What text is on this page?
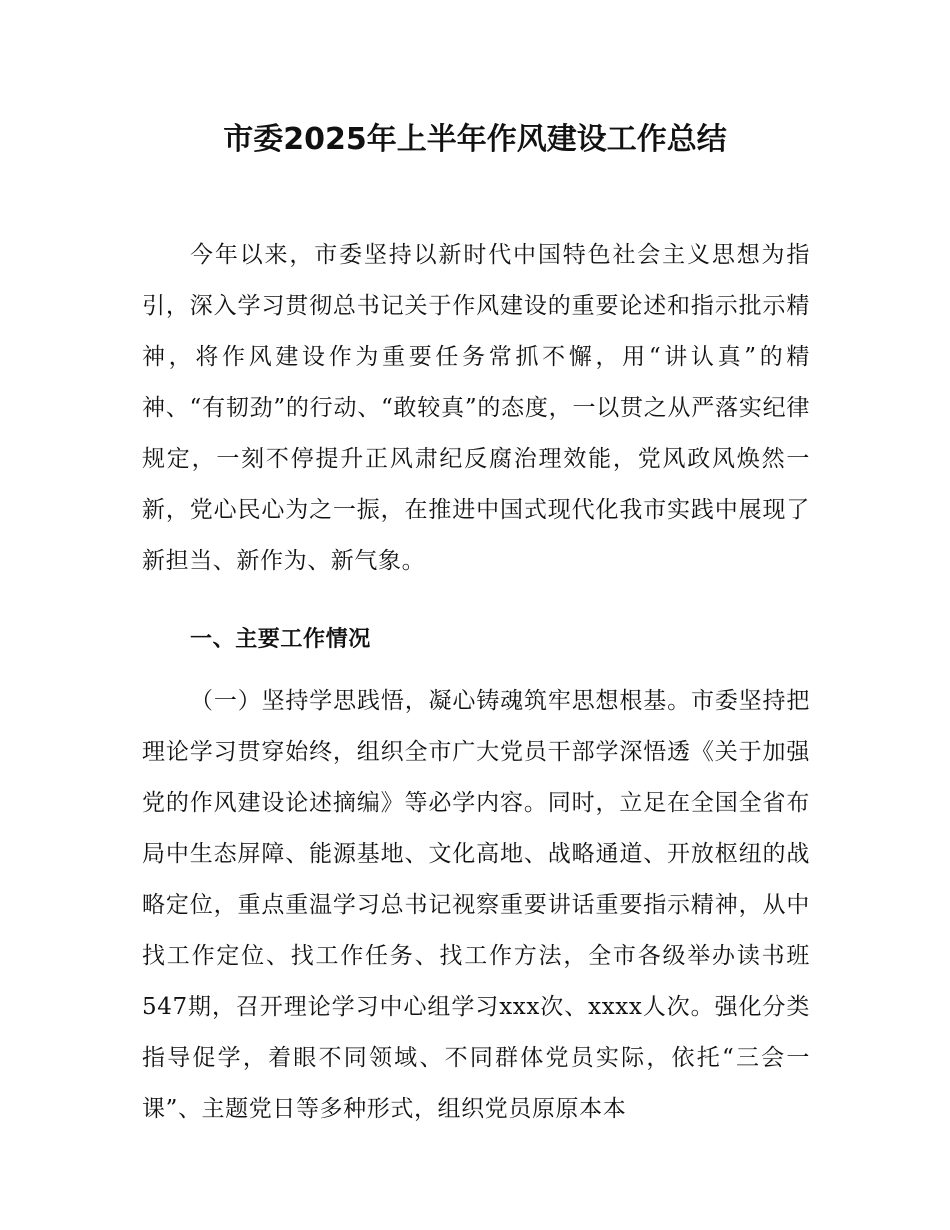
市委2025年上半年作风建设工作总结

今年以来，市委坚持以新时代中国特色社会主义思想为指引，深入学习贯彻总书记关于作风建设的重要论述和指示批示精神，将作风建设作为重要任务常抓不懈，用“讲认真”的精神、“有韧劲”的行动、“敢较真”的态度，一以贯之从严落实纪律规定，一刻不停提升正风肃纪反腐治理效能，党风政风焕然一新，党心民心为之一振，在推进中国式现代化我市实践中展现了新担当、新作为、新气象。

一、主要工作情况

（一）坚持学思践悟，凝心铸魂筑牢思想根基。市委坚持把理论学习贯穿始终，组织全市广大党员干部学深悟透《关于加强党的作风建设论述摘编》等必学内容。同时，立足在全国全省布局中生态屏障、能源基地、文化高地、战略通道、开放枢纽的战略定位，重点重温学习总书记视察重要讲话重要指示精神，从中找工作定位、找工作任务、找工作方法，全市各级举办读书班547期，召开理论学习中心组学习xxx次、xxxx人次。强化分类指导促学，着眼不同领域、不同群体党员实际，依托“三会一课”、主题党日等多种形式，组织党员原原本本
